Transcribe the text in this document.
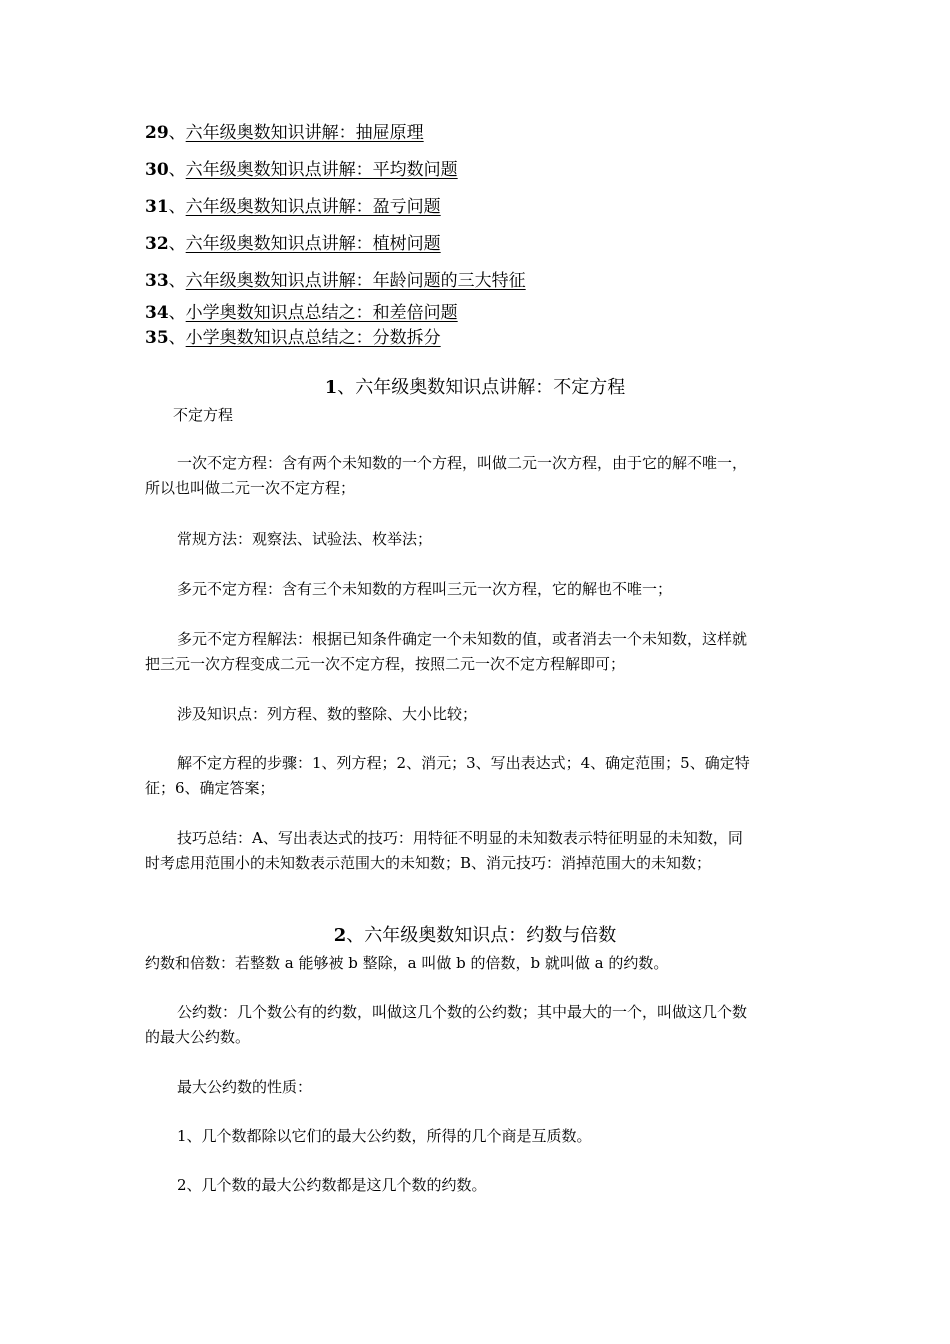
29、六年级奥数知识讲解：抽屉原理
30、六年级奥数知识点讲解：平均数问题
31、六年级奥数知识点讲解：盈亏问题
32、六年级奥数知识点讲解：植树问题
33、六年级奥数知识点讲解：年龄问题的三大特征
34、小学奥数知识点总结之：和差倍问题
35、小学奥数知识点总结之：分数拆分
1、六年级奥数知识点讲解：不定方程
不定方程
一次不定方程：含有两个未知数的一个方程，叫做二元一次方程，由于它的解不唯一，
所以也叫做二元一次不定方程；
常规方法：观察法、试验法、枚举法；
多元不定方程：含有三个未知数的方程叫三元一次方程，它的解也不唯一；
多元不定方程解法：根据已知条件确定一个未知数的值，或者消去一个未知数，这样就
把三元一次方程变成二元一次不定方程，按照二元一次不定方程解即可；
涉及知识点：列方程、数的整除、大小比较；
解不定方程的步骤：1、列方程；2、消元；3、写出表达式；4、确定范围；5、确定特
征；6、确定答案；
技巧总结：A、写出表达式的技巧：用特征不明显的未知数表示特征明显的未知数，同
时考虑用范围小的未知数表示范围大的未知数；B、消元技巧：消掉范围大的未知数；
2、六年级奥数知识点：约数与倍数
约数和倍数：若整数 a 能够被 b 整除，a 叫做 b 的倍数，b 就叫做 a 的约数。
公约数：几个数公有的约数，叫做这几个数的公约数；其中最大的一个，叫做这几个数
的最大公约数。
最大公约数的性质：
1、几个数都除以它们的最大公约数，所得的几个商是互质数。
2、几个数的最大公约数都是这几个数的约数。
